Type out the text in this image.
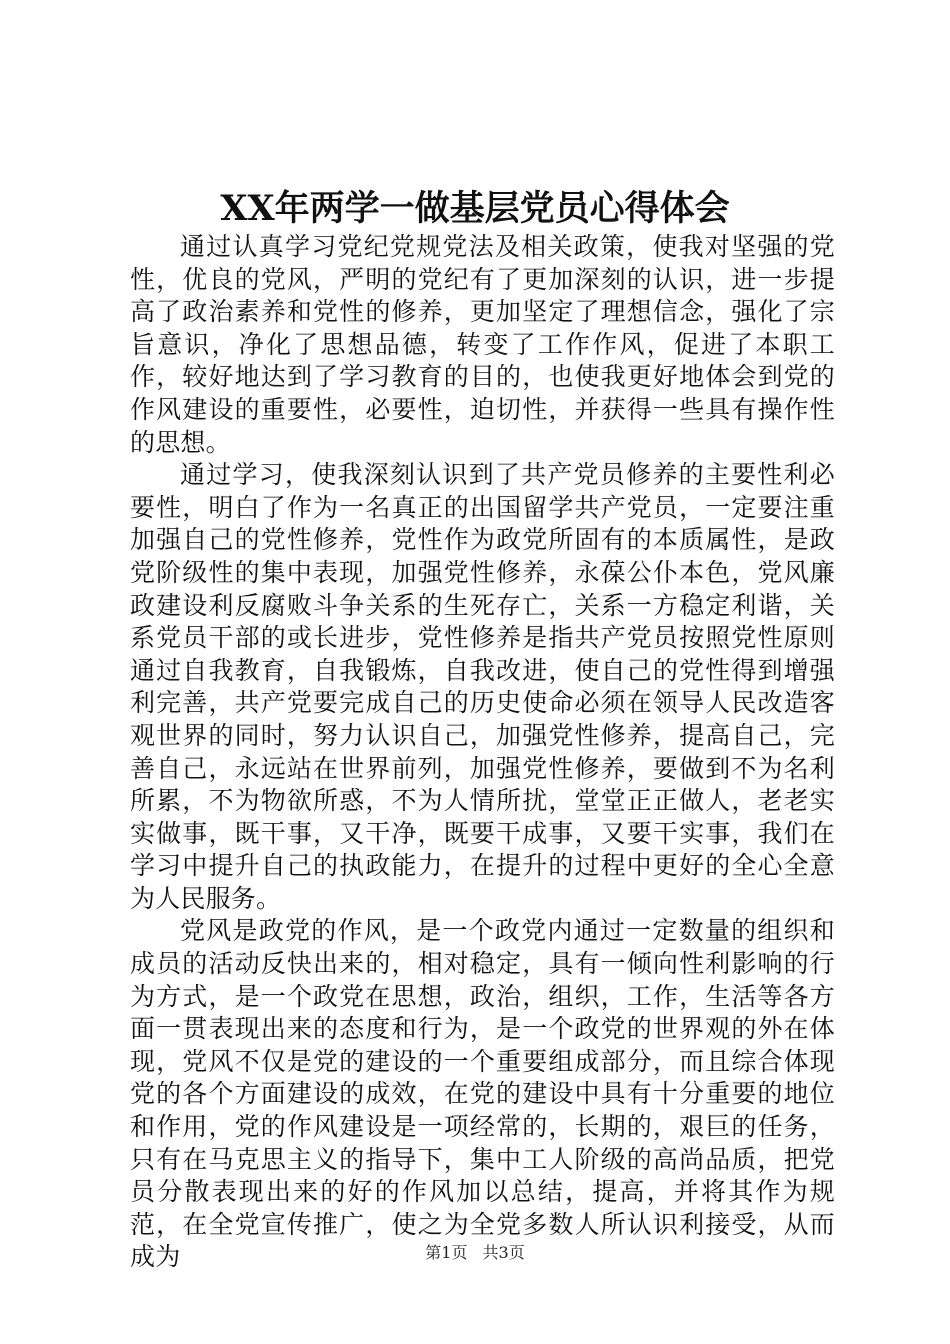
XX年两学一做基层党员心得体会

通过认真学习党纪党规党法及相关政策，使我对坚强的党性，优良的党风，严明的党纪有了更加深刻的认识，进一步提高了政治素养和党性的修养，更加坚定了理想信念，强化了宗旨意识，净化了思想品德，转变了工作作风，促进了本职工作，较好地达到了学习教育的目的，也使我更好地体会到党的作风建设的重要性，必要性，迫切性，并获得一些具有操作性的思想。

通过学习，使我深刻认识到了共产党员修养的主要性利必要性，明白了作为一名真正的出国留学共产党员，一定要注重加强自己的党性修养，党性作为政党所固有的本质属性，是政党阶级性的集中表现，加强党性修养，永葆公仆本色，党风廉政建设利反腐败斗争关系的生死存亡，关系一方稳定利谐，关系党员干部的或长进步，党性修养是指共产党员按照党性原则通过自我教育，自我锻炼，自我改进，使自己的党性得到增强利完善，共产党要完成自己的历史使命必须在领导人民改造客观世界的同时，努力认识自己，加强党性修养，提高自己，完善自己，永远站在世界前列，加强党性修养，要做到不为名利所累，不为物欲所惑，不为人情所扰，堂堂正正做人，老老实实做事，既干事，又干净，既要干成事，又要干实事，我们在学习中提升自己的执政能力，在提升的过程中更好的全心全意为人民服务。

党风是政党的作风，是一个政党内通过一定数量的组织和成员的活动反快出来的，相对稳定，具有一倾向性利影响的行为方式，是一个政党在思想，政治，组织，工作，生活等各方面一贯表现出来的态度和行为，是一个政党的世界观的外在体现，党风不仅是党的建设的一个重要组成部分，而且综合体现党的各个方面建设的成效，在党的建设中具有十分重要的地位和作用，党的作风建设是一项经常的，长期的，艰巨的任务，只有在马克思主义的指导下，集中工人阶级的高尚品质，把党员分散表现出来的好的作风加以总结，提高，并将其作为规范，在全党宣传推广，使之为全党多数人所认识利接受，从而成为	第1页 共3页
